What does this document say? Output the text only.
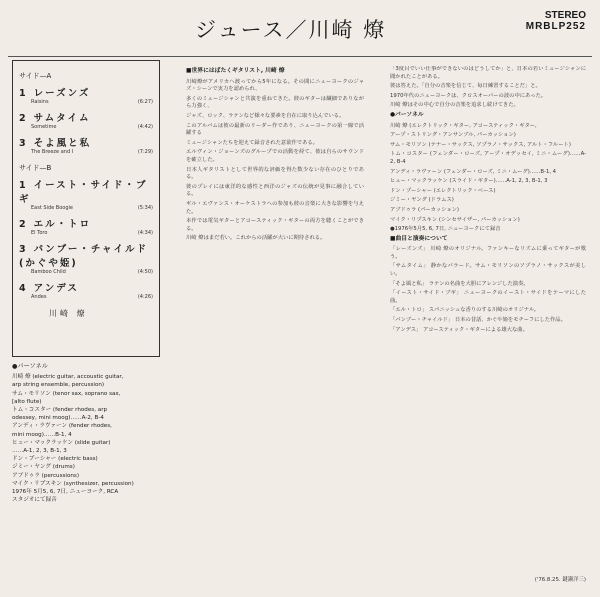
ジュース／川崎 燎
STEREO
MRBLP252
サイド—A
1 レーズンズ
Raisins	(6:27)
2 サムタイム
Sometime	(4:42)
3 そよ風と私
The Breeze and I	(7:29)
サイド—B
1 イースト・サイド・ブギ
East Side Boogie	(5:34)
2 エル・トロ
El Toro	(4:34)
3 バンブー・チャイルド(かぐや姫)
Bamboo Child	(4:50)
4 アンデス
Andes	(4:26)
川崎 燎
●パーソネル
川崎 燎 (electric guitar, accoustic guitar,
arp string ensemble, percussion)
サム・モリソン (tenor sax, soprano sax,
[alto flute)
トム・コスター (fender rhodes, arp
odessey, mini moog)……A-2, B-4
アンディ・ラヴァーン (fender rhodes,
mini moog)……B-1, 4
ヒュー・マックラッケン (slide guitar)
……A-1, 2, 3, B-1, 3
ドン・プーシャー (electric bass)
ジミー・ヤング (drums)
アブドゥラ (percussions)
マイク・リプスキン (synthesizer, percussion)
1976年 5月5, 6, 7日, ニューヨーク, RCA
スタジオにて録音
■世界にはばたくギタリスト, 川崎 燎

川崎燎がアメリカへ渡ってから5年になる。その間にニューヨークのジャズ・シーンで実力を認められ、

多くのミュージシャンと共演を重ねてきた。彼のギターは繊細でありながら力強く、

ジャズ、ロック、ラテンなど様々な要素を自在に取り込んでいる。

このアルバムは彼の最新のリーダー作であり、ニューヨークの第一線で活躍する

ミュージシャンたちを迎えて録音された意欲作である。

エルヴィン・ジョーンズのグループでの活動を経て、彼は自らのサウンドを確立した。

日本人ギタリストとして世界的な評価を得た数少ない存在のひとりである。

彼のプレイには東洋的な感性と西洋のジャズの伝統が見事に融合している。

ギル・エヴァンス・オーケストラへの参加も彼の音楽に大きな影響を与えた。

本作では電気ギターとアコースティック・ギターの両方を聴くことができる。

川崎 燎はまだ若い。これからの活躍が大いに期待される。

「3度目でいい仕事ができないのはどうしてか」と、日本の若いミュージシャンに聞かれたことがある。

彼は答えた。「自分の音楽を信じて、毎日練習することだ」と。

1970年代のニューヨークは、クロスオーバーの波の中にあった。

川崎 燎はその中心で自分の音楽を追求し続けてきた。

●パーソネル

川崎 燎 (エレクトリック・ギター, アコースティック・ギター,

アープ・ストリング・アンサンブル, パーカッション)

サム・モリソン (テナー・サックス, ソプラノ・サックス, アルト・フルート)

トム・コスター (フェンダー・ローズ, アープ・オデッセイ, ミニ・ムーグ)……A-2, B-4

アンディ・ラヴァーン (フェンダー・ローズ, ミニ・ムーグ)……B-1, 4

ヒュー・マックラッケン (スライド・ギター)……A-1, 2, 3, B-1, 3

ドン・プーシャー (エレクトリック・ベース)

ジミー・ヤング (ドラムス)

アブドゥラ (パーカッション)

マイク・リプスキン (シンセサイザー, パーカッション)

●1976年5月5, 6, 7日, ニューヨークにて録音

■曲目と演奏について

「レーズンズ」 川崎 燎のオリジナル。ファンキーなリズムに乗ってギターが歌う。

「サムタイム」 静かなバラード。サム・モリソンのソプラノ・サックスが美しい。

「そよ風と私」 ラテンの名曲を大胆にアレンジした演奏。

「イースト・サイド・ブギ」 ニューヨークのイースト・サイドをテーマにした曲。

「エル・トロ」 スパニッシュな香りのする川崎のオリジナル。

「バンブー・チャイルド」 日本の昔話、かぐや姫をモチーフにした作品。

「アンデス」 アコースティック・ギターによる雄大な曲。

('76.8.25. 鍵瀬洋三)
